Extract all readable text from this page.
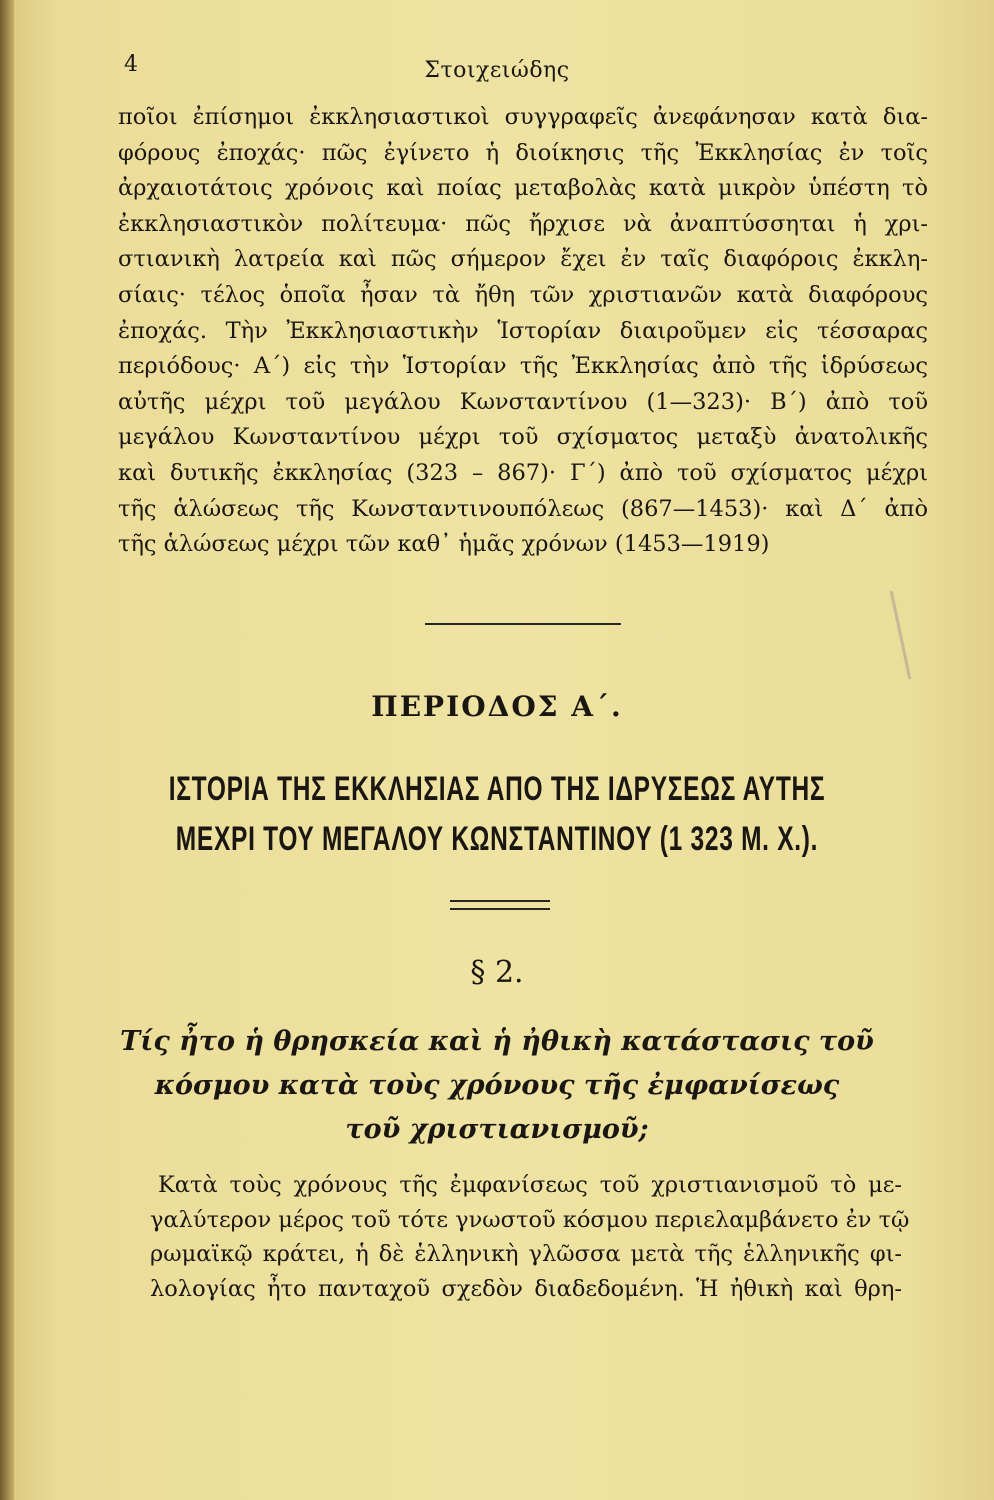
4	Στοιχειώδης
ποῖοι ἐπίσημοι ἐκκλησιαστικοὶ συγγραφεῖς ἀνεφάνησαν κατὰ δια-
φόρους ἐποχάς· πῶς ἐγίνετο ἡ διοίκησις τῆς Ἐκκλησίας ἐν τοῖς
ἀρχαιοτάτοις χρόνοις καὶ ποίας μεταβολὰς κατὰ μικρὸν ὑπέστη τὸ
ἐκκλησιαστικὸν πολίτευμα· πῶς ἤρχισε νὰ ἀναπτύσσηται ἡ χρι-
στιανικὴ λατρεία καὶ πῶς σήμερον ἔχει ἐν ταῖς διαφόροις ἐκκλη-
σίαις· τέλος ὁποῖα ἦσαν τὰ ἤθη τῶν χριστιανῶν κατὰ διαφόρους
ἐποχάς. Τὴν Ἐκκλησιαστικὴν Ἱστορίαν διαιροῦμεν εἰς τέσσαρας
περιόδους· Α΄) εἰς τὴν Ἱστορίαν τῆς Ἐκκλησίας ἀπὸ τῆς ἱδρύσεως
αὐτῆς μέχρι τοῦ μεγάλου Κωνσταντίνου (1—323)· Β΄) ἀπὸ τοῦ
μεγάλου Κωνσταντίνου μέχρι τοῦ σχίσματος μεταξὺ ἀνατολικῆς
καὶ δυτικῆς ἐκκλησίας (323 – 867)· Γ΄) ἀπὸ τοῦ σχίσματος μέχρι
τῆς ἁλώσεως τῆς Κωνσταντινουπόλεως (867—1453)· καὶ Δ΄ ἀπὸ
τῆς ἁλώσεως μέχρι τῶν καθ᾽ ἡμᾶς χρόνων (1453—1919)
ΠΕΡΙΟΔΟΣ Α΄.
ΙΣΤΟΡΙΑ ΤΗΣ ΕΚΚΛΗΣΙΑΣ ΑΠΟ ΤΗΣ ΙΔΡΥΣΕΩΣ ΑΥΤΗΣ
ΜΕΧΡΙ ΤΟΥ ΜΕΓΑΛΟΥ ΚΩΝΣΤΑΝΤΙΝΟΥ (1 323 Μ. Χ.).
§ 2.
Τίς ἦτο ἡ θρησκεία καὶ ἡ ἠθικὴ κατάστασις τοῦ
κόσμου κατὰ τοὺς χρόνους τῆς ἐμφανίσεως
τοῦ χριστιανισμοῦ;
Κατὰ τοὺς χρόνους τῆς ἐμφανίσεως τοῦ χριστιανισμοῦ τὸ με-
γαλύτερον μέρος τοῦ τότε γνωστοῦ κόσμου περιελαμβάνετο ἐν τῷ
ρωμαϊκῷ κράτει, ἡ δὲ ἑλληνικὴ γλῶσσα μετὰ τῆς ἑλληνικῆς φι-
λολογίας ἦτο πανταχοῦ σχεδὸν διαδεδομένη. Ἡ ἠθικὴ καὶ θρη-
